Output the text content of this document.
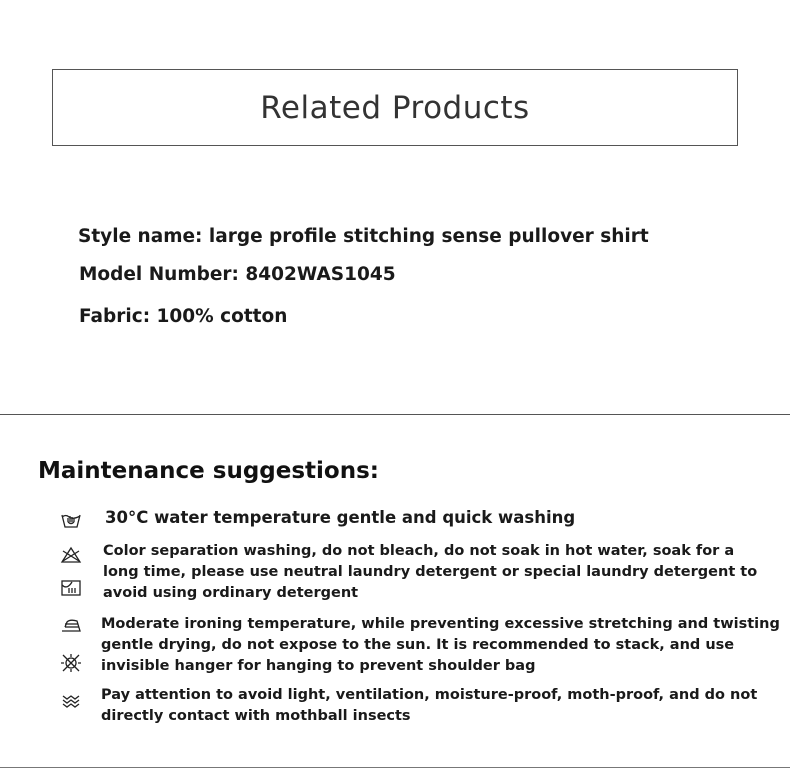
Related Products
Style name: large profile stitching sense pullover shirt
Model Number: 8402WAS1045
Fabric: 100% cotton
Maintenance suggestions:
30°C water temperature gentle and quick washing
Color separation washing, do not bleach, do not soak in hot water, soak for a long time, please use neutral laundry detergent or special laundry detergent to avoid using ordinary detergent
Moderate ironing temperature, while preventing excessive stretching and twisting gentle drying, do not expose to the sun. It is recommended to stack, and use invisible hanger for hanging to prevent shoulder bag
Pay attention to avoid light, ventilation, moisture-proof, moth-proof, and do not directly contact with mothball insects
